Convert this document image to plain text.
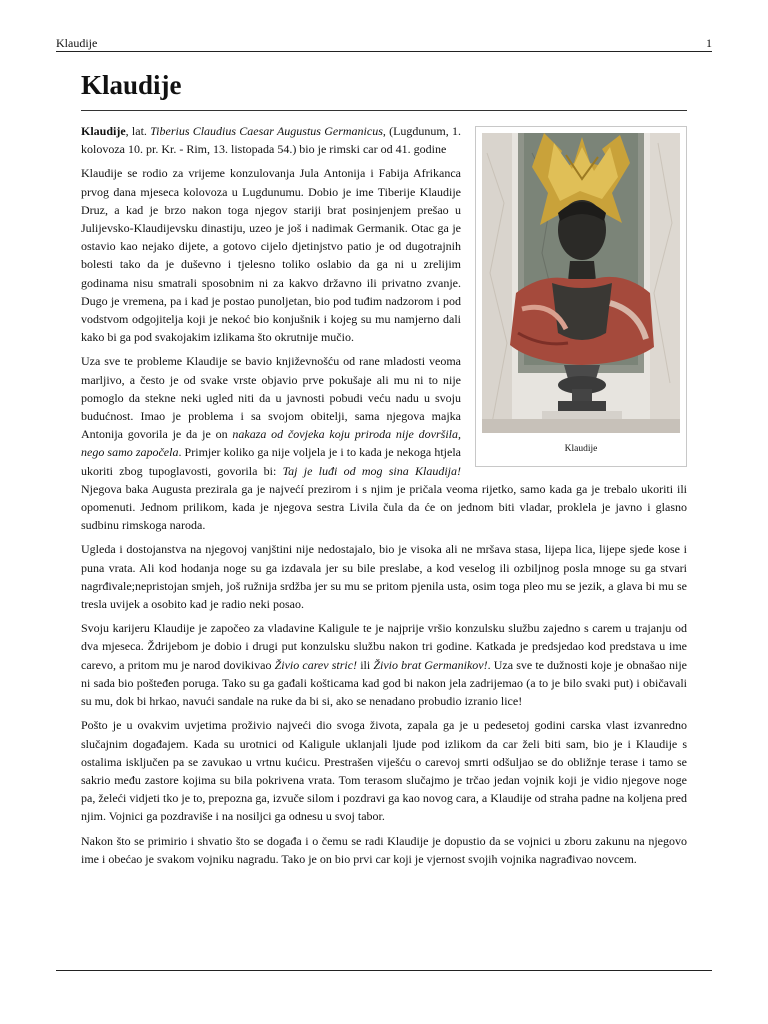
Klaudije	1
Klaudije
Klaudije

Klaudije, lat. Tiberius Claudius Caesar Augustus Germanicus, (Lugdunum, 1. kolovoza 10. pr. Kr. - Rim, 13. listopada 54.) bio je rimski car od 41. godine

Klaudije se rodio za vrijeme konzulovanja Jula Antonija i Fabija Afrikanca prvog dana mjeseca kolovoza u Lugdunumu. Dobio je ime Tiberije Klaudije Druz, a kad je brzo nakon toga njegov stariji brat posinjenjem prešao u Julijevsko-Klaudijevsku dinastiju, uzeo je još i nadimak Germanik. Otac ga je ostavio kao nejako dijete, a gotovo cijelo djetinjstvo patio je od dugotrajnih bolesti tako da je duševno i tjelesno toliko oslabio da ga ni u zrelijim godinama nisu smatrali sposobnim ni za kakvo državno ili privatno zvanje. Dugo je vremena, pa i kad je postao punoljetan, bio pod tuđim nadzorom i pod vodstvom odgojitelja koji je nekoć bio konjušnik i kojeg su mu namjerno dali kako bi ga pod svakojakim izlikama što okrutnije mučio.

Uza sve te probleme Klaudije se bavio književnošću od rane mladosti veoma marljivo, a često je od svake vrste objavio prve pokušaje ali mu ni to nije pomoglo da stekne neki ugled niti da u javnosti pobudi veću nadu u svoju budućnost. Imao je problema i sa svojom obitelji, sama njegova majka Antonija govorila je da je on nakaza od čovjeka koju priroda nije dovršila, nego samo započela. Primjer koliko ga nije voljela je i to kada je nekoga htjela ukoriti zbog tupoglavosti, govorila bi: Taj je luđi od mog sina Klaudija! Njegova baka Augusta prezirala ga je najvećí prezirom i s njim je pričala veoma rijetko, samo kada ga je trebalo ukoriti ili opomenuti. Jednom prilikom, kada je njegova sestra Livila čula da će on jednom biti vladar, proklela je javno i glasno sudbinu rimskoga naroda.

Ugleda i dostojanstva na njegovoj vanjštini nije nedostajalo, bio je visoka ali ne mršava stasa, lijepa lica, lijepe sjede kose i puna vrata. Ali kod hodanja noge su ga izdavala jer su bile preslabe, a kod veselog ili ozbiljnog posla mnoge su ga stvari nagrđivale;nepristojan smjeh, još ružnija srdžba jer su mu se pritom pjenila usta, osim toga pleo mu se jezik, a glava bi mu se tresla uvijek a osobito kad je radio neki posao.

Svoju karijeru Klaudije je započeo za vladavine Kaligule te je najprije vršio konzulsku službu zajedno s carem u trajanju od dva mjeseca. Ždrijebom je dobio i drugi put konzulsku službu nakon tri godine. Katkada je predsjedao kod predstava u ime carevo, a pritom mu je narod dovikivao Živio carev stric! ili Živio brat Germanikov!. Uza sve te dužnosti koje je obnašao nije ni sada bio pošteđen poruga. Tako su ga gađali košticama kad god bi nakon jela zadrijemao (a to je bilo svaki put) i običavali su mu, dok bi hrkao, navući sandale na ruke da bi si, ako se nenadano probudio izranio lice!

Pošto je u ovakvim uvjetima proživio najveći dio svoga života, zapala ga je u pedesetoj godini carska vlast izvanredno slučajnim događajem. Kada su urotnici od Kaligule uklanjali ljude pod izlikom da car želi biti sam, bio je i Klaudije s ostalima isključen pa se zavukao u vrtnu kućicu. Prestrašen viješću o carevoj smrti odšuljao se do obližnje terase i tamo se sakrio među zastore kojima su bila pokrivena vrata. Tom terasom slučajmo je trčao jedan vojnik koji je vidio njegove noge pa, želeći vidjeti tko je to, prepozna ga, izvuče silom i pozdravi ga kao novog cara, a Klaudije od straha padne na koljena pred njim. Vojnici ga pozdraviše i na nosiljci ga odnesu u svoj tabor.

Nakon što se primirio i shvatio što se događa i o čemu se radi Klaudije je dopustio da se vojnici u zboru zakunu na njegovo ime i obećao je svakom vojniku nagradu. Tako je on bio prvi car koji je vjernost svojih vojnika nagrađivao novcem.
